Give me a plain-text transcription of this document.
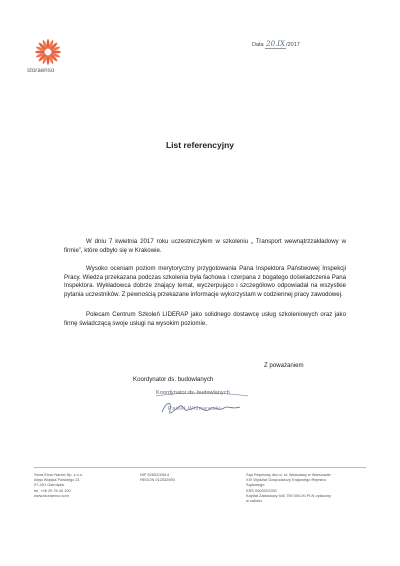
storaenso
Data 20.IX/2017
List referencyjny
W dniu 7 kwietnia 2017 roku uczestniczyłem w szkoleniu „ Transport wewnątrzzakładowy w firmie”, które odbyło się w Krakowie.
Wysoko oceniam poziom merytoryczny przygotowania Pana Inspektora Państwowej Inspekcji Pracy. Wiedza przekazana podczas szkolenia była fachowa i czerpana z bogatego doświadczenia Pana Inspektora. Wykładowca dobrze znający temat, wyczerpująco i szczegółowo odpowiadał na wszystkie pytania uczestników. Z pewnością przekazane informacje wykorzystam w codziennej pracy zawodowej.
Polecam Centrum Szkoleń LIDERAP jako solidnego dostawcę usług szkoleniowych oraz jako firmę świadczącą swoje usługi na wysokim poziomie.
Z poważaniem
Koordynator ds. budowlanych
Koordynator ds. budowlanych
Paweł Wiśniewski
Stora Enso Narew Sp. z o.o.
Aleja Wojska Polskiego 21
07-401 Ostrołęka
tel. +48 29 76 40 100
www.storaenso.com
NIP 5260200514
REGON 012532590
Sąd Rejonowy dla m. st. Warszawy w Warszawie
XIV Wydział Gospodarczy Krajowego Rejestru
Sądowego
KRS 0000022250
Kapitał Zakładowy 540 759 000,00 PLN opłacony
w całości
